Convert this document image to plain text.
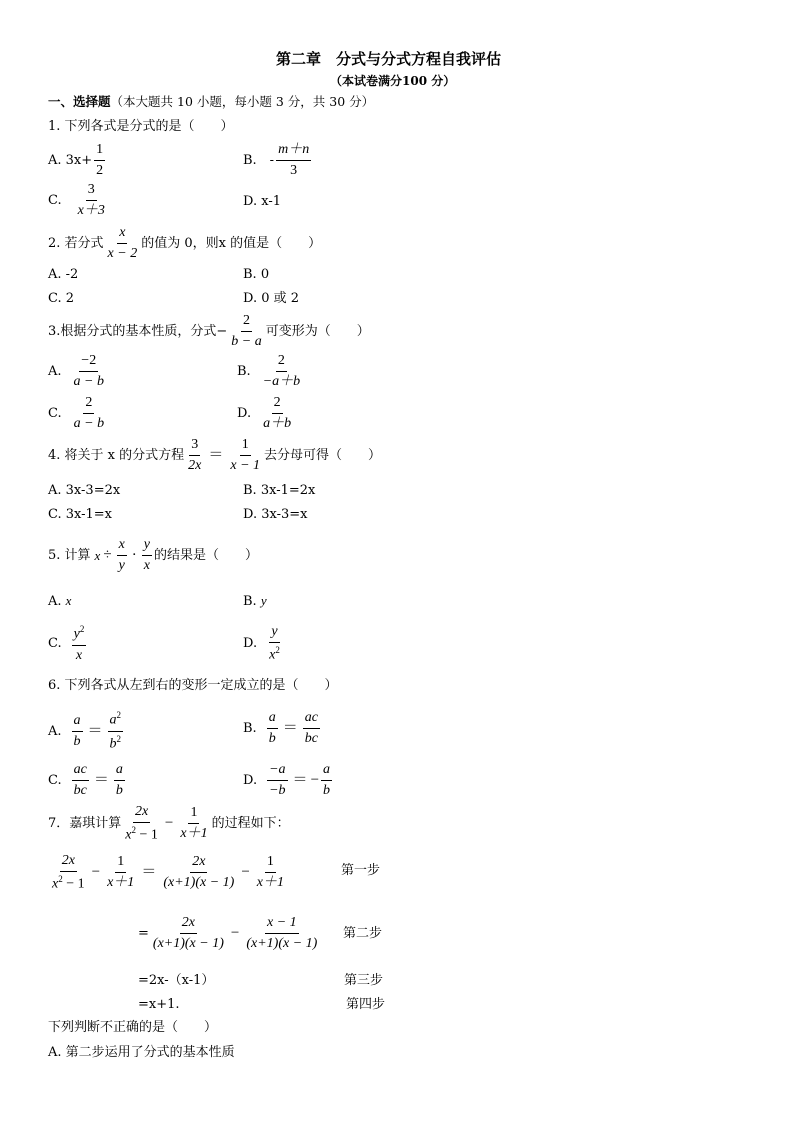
第二章　分式与分式方程自我评估
（本试卷满分100 分）
一、选择题（本大题共 10 小题，每小题 3 分，共 30 分）
1. 下列各式是分式的是（　　）
A. $3x+ \frac{1}{2}$	B.　- $\frac{m+n}{3}$
C. $\frac{3}{x+3}$	D. x-1
2. 若分式 $\frac{x}{x - 2}$ 的值为 0，则x 的值是（　　）
A. -2	B. 0
C. 2	D. 0 或 2
3.根据分式的基本性质，分式− $\frac{2}{b - a}$ 可变形为（　　）
A. $\frac{-2}{a - b}$	B. $\frac{2}{-a+b}$
C. $\frac{2}{a - b}$	D. $\frac{2}{a+b}$
4. 将关于 x 的分式方程 $\frac{3}{2x} = \frac{1}{x - 1}$ 去分母可得（　　）
A. 3x-3=2x	B. 3x-1=2x
C. 3x-1=x	D. 3x-3=x
5. 计算 $x \div \frac{x}{y} \cdot \frac{y}{x}$ 的结果是（　　）
A. x	B. y
C. $\frac{y^2}{x}$	D. $\frac{y}{x^2}$
6. 下列各式从左到右的变形一定成立的是（　　）
A. $\frac{a}{b} = \frac{a^2}{b^2}$	B. $\frac{a}{b} = \frac{ac}{bc}$
C. $\frac{ac}{bc} = \frac{a}{b}$	D. $\frac{-a}{-b}$ ＝ − $\frac{a}{b}$
7．嘉琪计算 $\frac{2x}{x^2 - 1} - \frac{1}{x+1}$ 的过程如下：
$\frac{2x}{x^2 - 1} - \frac{1}{x+1} = \frac{2x}{(x+1)(x - 1)} - \frac{1}{x+1}$	第一步
= $\frac{2x}{(x+1)(x - 1)} - \frac{x - 1}{(x+1)(x - 1)}$ 第二步
=2x-（x-1）	第三步
=x+1.	第四步
下列判断不正确的是（　　）
A. 第二步运用了分式的基本性质
